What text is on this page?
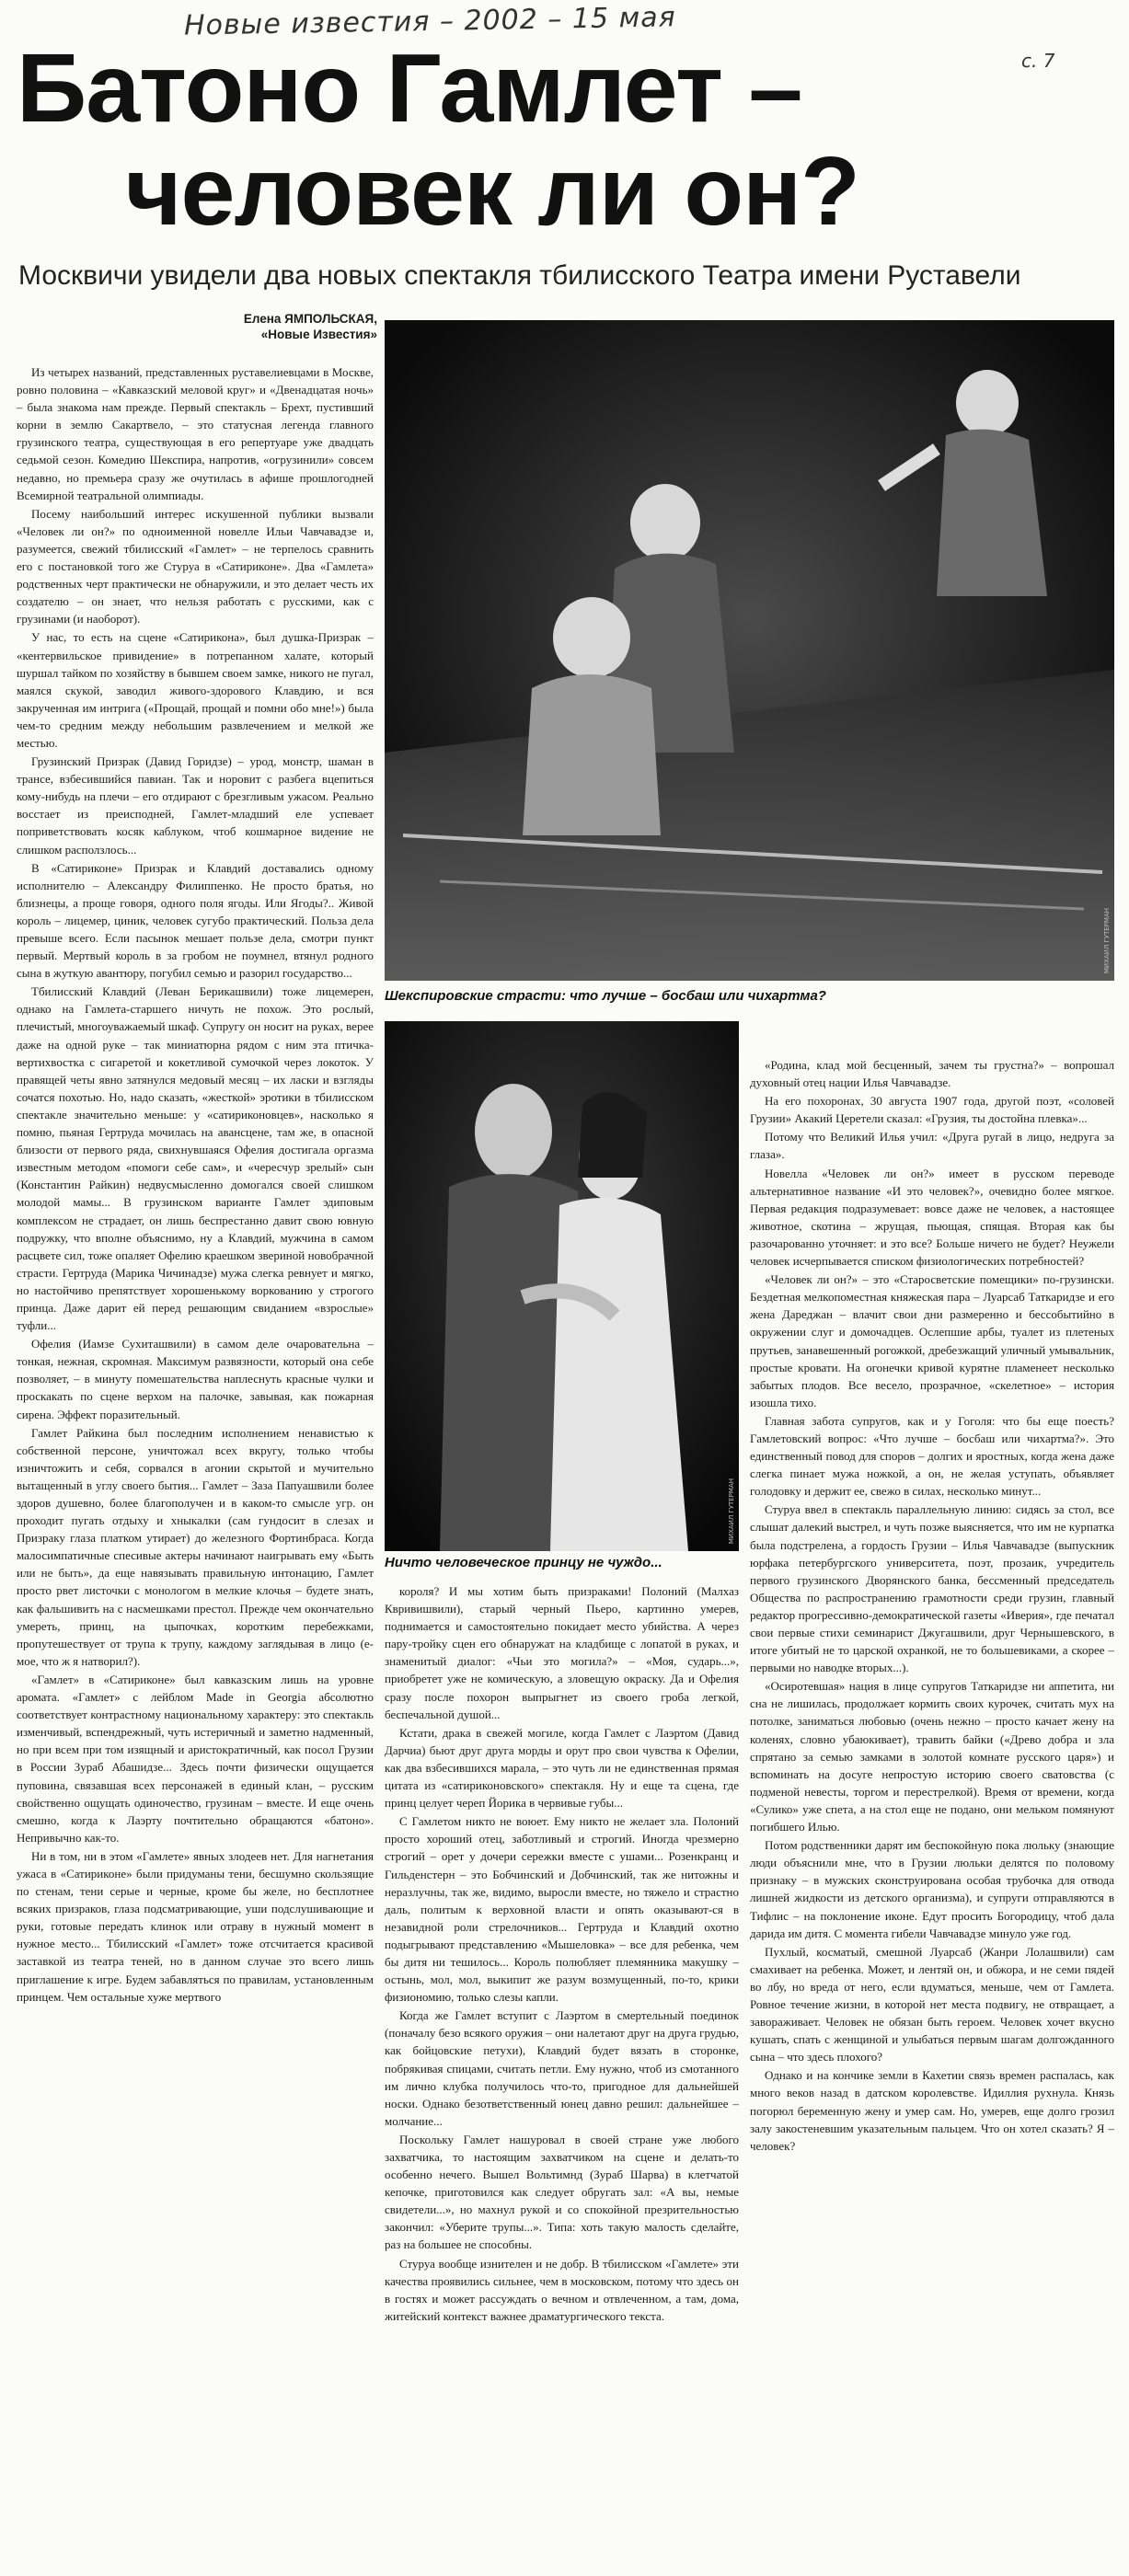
Новые известия – 2002 – 15 мая
с. 7
Батоно Гамлет –
человек ли он?
Москвичи увидели два новых спектакля тбилисского Театра имени Руставели
Елена ЯМПОЛЬСКАЯ,
«Новые Известия»
МИХАИЛ ГУТЕРМАН
Шекспировские страсти: что лучше – босбаш или чихартма?
МИХАИЛ ГУТЕРМАН
Ничто человеческое принцу не чуждо...

Из четырех названий, представленных руставелиевцами в Москве, ровно половина – «Кавказский меловой круг» и «Двенадцатая ночь» – была знакома нам прежде. Первый спектакль – Брехт, пустивший корни в землю Сакартвело, – это статусная легенда главного грузинского театра, существующая в его репертуаре уже двадцать седьмой сезон. Комедию Шекспира, напротив, «огрузинили» совсем недавно, но премьера сразу же очутилась в афише прошлогодней Всемирной театральной олимпиады.

Посему наибольший интерес искушенной публики вызвали «Человек ли он?» по одноименной новелле Ильи Чавчавадзе и, разумеется, свежий тбилисский «Гамлет» – не терпелось сравнить его с постановкой того же Стуруа в «Сатириконе». Два «Гамлета» родственных черт практически не обнаружили, и это делает честь их создателю – он знает, что нельзя работать с русскими, как с грузинами (и наоборот).

У нас, то есть на сцене «Сатирикона», был душка-Призрак – «кентервильское привидение» в потрепанном халате, который шуршал тайком по хозяйству в бывшем своем замке, никого не пугал, маялся скукой, заводил живого-здорового Клавдию, и вся закрученная им интрига («Прощай, прощай и помни обо мне!») была чем-то средним между небольшим развлечением и мелкой же местью.

Грузинский Призрак (Давид Горидзе) – урод, монстр, шаман в трансе, взбесившийся павиан. Так и норовит с разбега вцепиться кому-нибудь на плечи – его отдирают с брезгливым ужасом. Реально восстает из преисподней, Гамлет-младший еле успевает поприветствовать косяк каблуком, чтоб кошмарное видение не слишком расползлось...

В «Сатириконе» Призрак и Клавдий доставались одному исполнителю – Александру Филиппенко. Не просто братья, но близнецы, а проще говоря, одного поля ягоды. Или Ягоды?.. Живой король – лицемер, циник, человек сугубо практический. Польза дела превыше всего. Если пасынок мешает пользе дела, смотри пункт первый. Мертвый король в за гробом не поумнел, втянул родного сына в жуткую авантюру, погубил семью и разорил государство...

Тбилисский Клавдий (Леван Берикашвили) тоже лицемерен, однако на Гамлета-старшего ничуть не похож. Это рослый, плечистый, многоуважаемый шкаф. Супругу он носит на руках, верее даже на одной руке – так миниатюрна рядом с ним эта птичка-вертихвостка с сигаретой и кокетливой сумочкой через локоток. У правящей четы явно затянулся медовый месяц – их ласки и взгляды сочатся похотью. Но, надо сказать, «жесткой» эротики в тбилисском спектакле значительно меньше: у «сатириконовцев», насколько я помню, пьяная Гертруда мочилась на авансцене, там же, в опасной близости от первого ряда, свихнувшаяся Офелия достигала оргазма известным методом «помоги себе сам», и «чересчур зрелый» сын (Константин Райкин) недвусмысленно домогался своей слишком молодой мамы... В грузинском варианте Гамлет эдиповым комплексом не страдает, он лишь беспрестанно давит свою ювную подружку, что вполне объяснимо, ну а Клавдий, мужчина в самом расцвете сил, тоже опаляет Офелию краешком звериной новобрачной страсти. Гертруда (Марика Чичинадзе) мужа слегка ревнует и мягко, но настойчиво препятствует хорошенькому воркованию у строгого принца. Даже дарит ей перед решающим свиданием «взрослые» туфли...

Офелия (Иамзе Сухиташвили) в самом деле очаровательна – тонкая, нежная, скромная. Максимум развязности, который она себе позволяет, – в минуту помешательства наплеснуть красные чулки и проскакать по сцене верхом на палочке, завывая, как пожарная сирена. Эффект поразительный.

Гамлет Райкина был последним исполнением ненавистью к собственной персоне, уничтожал всех вкругу, только чтобы изничтожить и себя, сорвался в агонии скрытой и мучительно вытащенный в углу своего бытия... Гамлет – Заза Папуашвили более здоров душевно, более благополучен и в каком-то смысле угр. он проходит пугать отдыху и хныкалки (сам гундосит в слезах и Призраку глаза платком утирает) до железного Фортинбраса. Когда малосимпатичные спесивые актеры начинают наигрывать ему «Быть или не быть», да еще навязывать правильную интонацию, Гамлет просто рвет листочки с монологом в мелкие клочья – будете знать, как фальшивить на с насмешками престол. Прежде чем окончательно умереть, принц, на цыпочках, коротким перебежками, пропутешествует от трупа к трупу, каждому заглядывая в лицо (е-мое, что ж я натворил?).

«Гамлет» в «Сатириконе» был кавказским лишь на уровне аромата. «Гамлет» с лейблом Made in Georgia абсолютно соответствует контрастному национальному характеру: это спектакль изменчивый, вспендрежный, чуть истеричный и заметно надменный, но при всем при том изящный и аристократичный, как посол Грузии в России Зураб Абашидзе... Здесь почти физически ощущается пуповина, связавшая всех персонажей в единый клан, – русским свойственно ощущать одиночество, грузинам – вместе. И еще очень смешно, когда к Лаэрту почтительно обращаются «батоно». Непривычно как-то.

Ни в том, ни в этом «Гамлете» явных злодеев нет. Для нагнетания ужаса в «Сатириконе» были придуманы тени, бесшумно скользящие по стенам, тени серые и черные, кроме бы желе, но бесплотнее всяких призраков, глаза подсматривающие, уши подслушивающие и руки, готовые передать клинок или отраву в нужный момент в нужное место... Тбилисский «Гамлет» тоже отсчитается красивой заставкой из театра теней, но в данном случае это всего лишь приглашение к игре. Будем забавляться по правилам, установленным принцем. Чем остальные хуже мертвого

короля? И мы хотим быть призраками! Полоний (Малхаз Квривишвили), старый черный Пьеро, картинно умерев, поднимается и самостоятельно покидает место убийства. А через пару-тройку сцен его обнаружат на кладбище с лопатой в руках, и знаменитый диалог: «Чьи это могила?» – «Моя, сударь...», приобретет уже не комическую, а зловещую окраску. Да и Офелия сразу после похорон выпрыгнет из своего гроба легкой, беспечальной душой...

Кстати, драка в свежей могиле, когда Гамлет с Лаэртом (Давид Дарчиа) бьют друг друга морды и орут про свои чувства к Офелии, как два взбесившихся марала, – это чуть ли не единственная прямая цитата из «сатириконовского» спектакля. Ну и еще та сцена, где принц целует череп Йорика в червивые губы...

С Гамлетом никто не воюет. Ему никто не желает зла. Полоний просто хороший отец, заботливый и строгий. Иногда чрезмерно строгий – орет у дочери сережки вместе с ушами... Розенкранц и Гильденстерн – это Бобчинский и Добчинский, так же нитожны и неразлучны, так же, видимо, выросли вместе, но тяжело и страстно даль, политым к верховной власти и опять оказывают-ся в незавидной роли стрелочников... Гертруда и Клавдий охотно подыгрывают представлению «Мышеловка» – все для ребенка, чем бы дитя ни тешилось... Король полюбляет племянника макушку – остынь, мол, мол, выкипит же разум возмущенный, по-то, крики физиономию, только слезы капли.

Когда же Гамлет вступит с Лаэртом в смертельный поединок (поначалу безо всякого оружия – они налетают друг на друга грудью, как бойцовские петухи), Клавдий будет вязать в сторонке, побрякивая спицами, считать петли. Ему нужно, чтоб из смотанного им лично клубка получилось что-то, пригодное для дальнейшей носки. Однако безответственный юнец давно решил: дальнейшее – молчание...

Поскольку Гамлет нашуровал в своей стране уже любого захватчика, то настоящим захватчиком на сцене и делать-то особенно нечего. Вышел Вольтимнд (Зураб Шарва) в клетчатой кепочке, приготовился как следует обругать зал: «А вы, немые свидетели...», но махнул рукой и со спокойной презрительностью закончил: «Уберите трупы...». Типа: хоть такую малость сделайте, раз на большее не способны.

Стуруа вообще изнителен и не добр. В тбилисском «Гамлете» эти качества проявились сильнее, чем в московском, потому что здесь он в гостях и может рассуждать о вечном и отвлеченном, а там, дома, житейский контекст важнее драматургического текста.

«Родина, клад мой бесценный, зачем ты грустна?» – вопрошал духовный отец нации Илья Чавчавадзе.

На его похоронах, 30 августа 1907 года, другой поэт, «соловей Грузии» Акакий Церетели сказал: «Грузия, ты достойна плевка»...

Потому что Великий Илья учил: «Друга ругай в лицо, недруга за глаза».

Новелла «Человек ли он?» имеет в русском переводе альтернативное название «И это человек?», очевидно более мягкое. Первая редакция подразумевает: вовсе даже не человек, а настоящее животное, скотина – жрущая, пьющая, спящая. Вторая как бы разочарованно уточняет: и это все? Больше ничего не будет? Неужели человек исчерпывается списком физиологических потребностей?

«Человек ли он?» – это «Старосветские помещики» по-грузински. Бездетная мелкопоместная княжеская пара – Луарсаб Таткаридзе и его жена Дареджан – влачит свои дни размеренно и бессобытийно в окружении слуг и домочадцев. Ослепшие арбы, туалет из плетеных прутьев, занавешенный рогожкой, дребезжащий уличный умывальник, простые кровати. На огонечки кривой курятне пламенеет несколько забытых плодов. Все весело, прозрачное, «скелетное» – история изошла тихо.

Главная забота супругов, как и у Гоголя: что бы еще поесть? Гамлетовский вопрос: «Что лучше – босбаш или чихартма?». Это единственный повод для споров – долгих и яростных, когда жена даже слегка пинает мужа ножкой, а он, не желая уступать, объявляет голодовку и держит ее, свежо в силах, несколько минут...

Стуруа ввел в спектакль параллельную линию: сидясь за стол, все слышат далекий выстрел, и чуть позже выясняется, что им не курпатка была подстрелена, а гордость Грузии – Илья Чавчавадзе (выпускник юрфака петербургского университета, поэт, прозаик, учредитель первого грузинского Дворянского банка, бессменный председатель Общества по распространению грамотности среди грузин, главный редактор прогрессивно-демократической газеты «Иверия», где печатал свои первые стихи семинарист Джугашвили, друг Чернышевского, в итоге убитый не то царской охранкой, не то большевиками, а скорее – первыми но наводке вторых...).

«Осиротевшая» нация в лице супругов Таткаридзе ни аппетита, ни сна не лишилась, продолжает кормить своих курочек, считать мух на потолке, заниматься любовью (очень нежно – просто качает жену на коленях, словно убаюкивает), травить байки («Древо добра и зла спрятано за семью замками в золотой комнате русского царя») и вспоминать на досуге непростую историю своего сватовства (с подменой невесты, торгом и перестрелкой). Время от времени, когда «Сулико» уже спета, а на стол еще не подано, они мельком помянуют погибшего Илью.

Потом родственники дарят им беспокойную пока люльку (знающие люди объяснили мне, что в Грузии люльки делятся по половому признаку – в мужских сконструирована особая трубочка для отвода лишней жидкости из детского организма), и супруги отправляются в Тифлис – на поклонение иконе. Едут просить Богородицу, чтоб дала дарида им дитя. С момента гибели Чавчавадзе минуло уже год.

Пухлый, косматый, смешной Луарсаб (Жанри Лолашвили) сам смахивает на ребенка. Может, и лентяй он, и обжора, и не семи пядей во лбу, но вреда от него, если вдуматься, меньше, чем от Гамлета. Ровное течение жизни, в которой нет места подвигу, не отвращает, а завораживает. Человек не обязан быть героем. Человек хочет вкусно кушать, спать с женщиной и улыбаться первым шагам долгожданного сына – что здесь плохого?

Однако и на кончике земли в Кахетии связь времен распалась, как много веков назад в датском королевстве. Идиллия рухнула. Князь погорюл беременную жену и умер сам. Но, умерев, еще долго грозил залу закостеневшим указательным пальцем. Что он хотел сказать? Я – человек?
